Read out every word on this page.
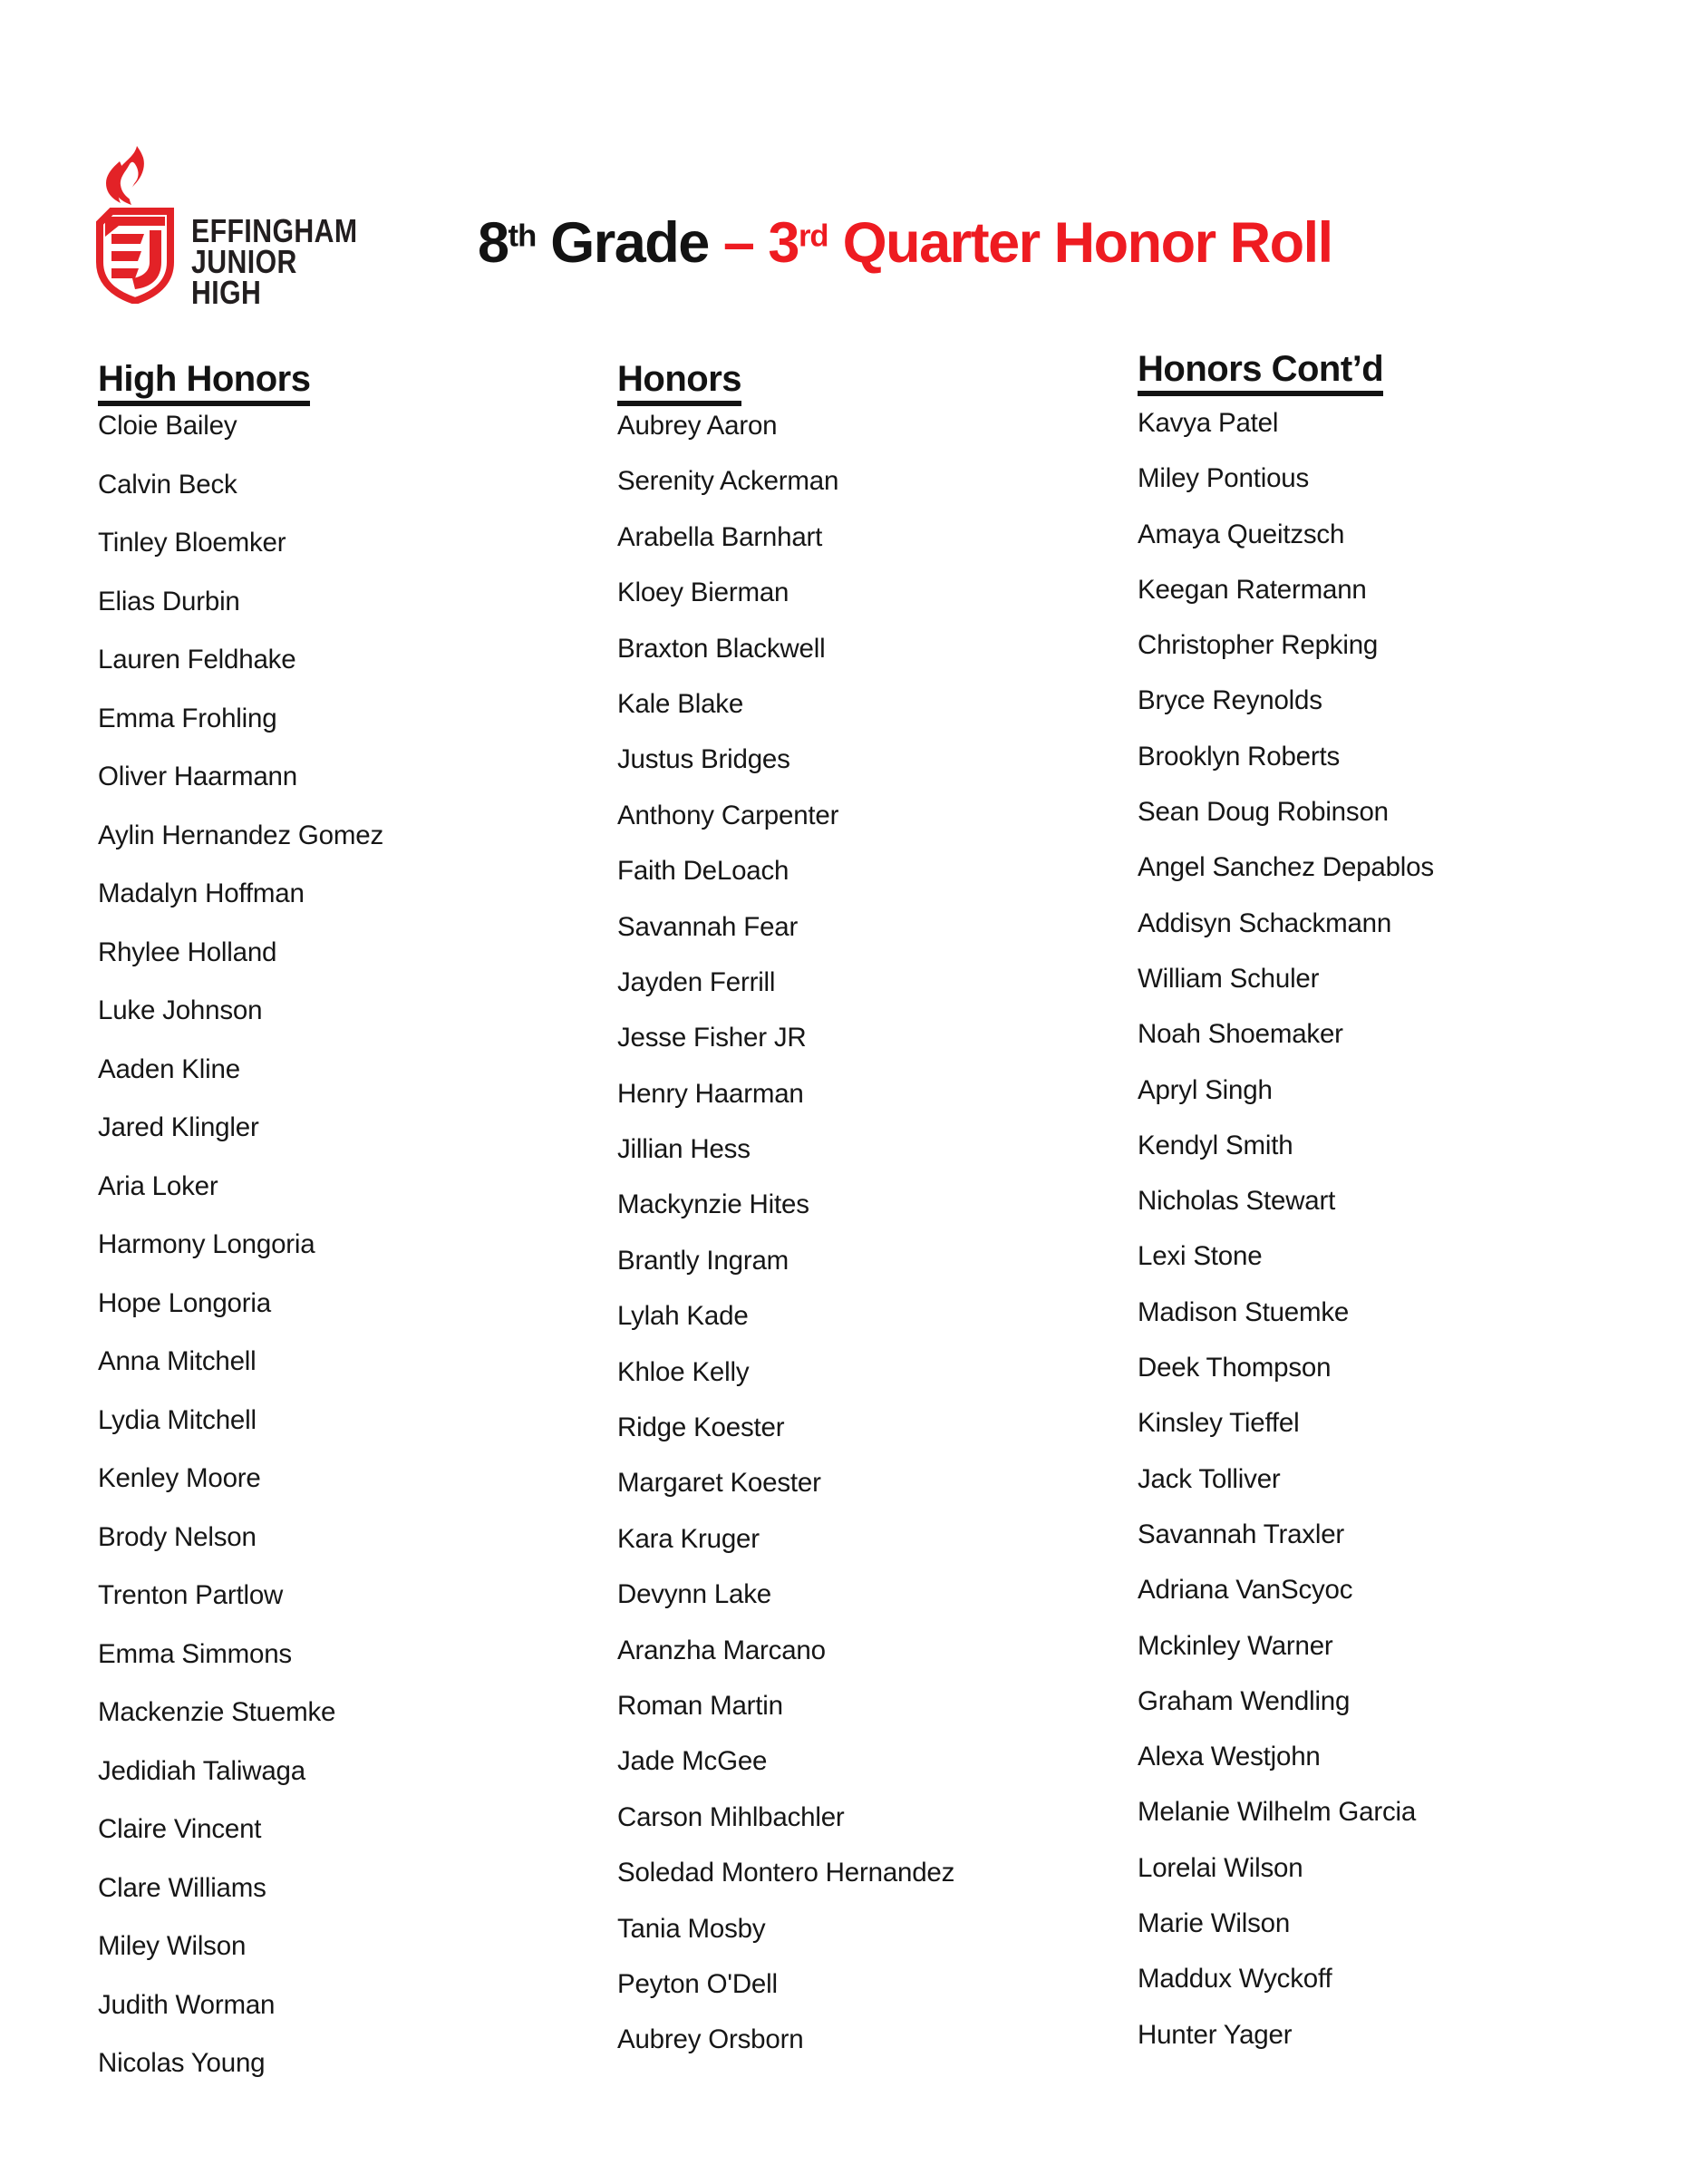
EFFINGHAM
JUNIOR
HIGH
8th Grade – 3rd Quarter Honor Roll
High Honors
Cloie Bailey
Calvin Beck
Tinley Bloemker
Elias Durbin
Lauren Feldhake
Emma Frohling
Oliver Haarmann
Aylin Hernandez Gomez
Madalyn Hoffman
Rhylee Holland
Luke Johnson
Aaden Kline
Jared Klingler
Aria Loker
Harmony Longoria
Hope Longoria
Anna Mitchell
Lydia Mitchell
Kenley Moore
Brody Nelson
Trenton Partlow
Emma Simmons
Mackenzie Stuemke
Jedidiah Taliwaga
Claire Vincent
Clare Williams
Miley Wilson
Judith Worman
Nicolas Young
Honors
Aubrey Aaron
Serenity Ackerman
Arabella Barnhart
Kloey Bierman
Braxton Blackwell
Kale Blake
Justus Bridges
Anthony Carpenter
Faith DeLoach
Savannah Fear
Jayden Ferrill
Jesse Fisher JR
Henry Haarman
Jillian Hess
Mackynzie Hites
Brantly Ingram
Lylah Kade
Khloe Kelly
Ridge Koester
Margaret Koester
Kara Kruger
Devynn Lake
Aranzha Marcano
Roman Martin
Jade McGee
Carson Mihlbachler
Soledad Montero Hernandez
Tania Mosby
Peyton O'Dell
Aubrey Orsborn
Honors Cont’d
Kavya Patel
Miley Pontious
Amaya Queitzsch
Keegan Ratermann
Christopher Repking
Bryce Reynolds
Brooklyn Roberts
Sean Doug Robinson
Angel Sanchez Depablos
Addisyn Schackmann
William Schuler
Noah Shoemaker
Apryl Singh
Kendyl Smith
Nicholas Stewart
Lexi Stone
Madison Stuemke
Deek Thompson
Kinsley Tieffel
Jack Tolliver
Savannah Traxler
Adriana VanScyoc
Mckinley Warner
Graham Wendling
Alexa Westjohn
Melanie Wilhelm Garcia
Lorelai Wilson
Marie Wilson
Maddux Wyckoff
Hunter Yager
